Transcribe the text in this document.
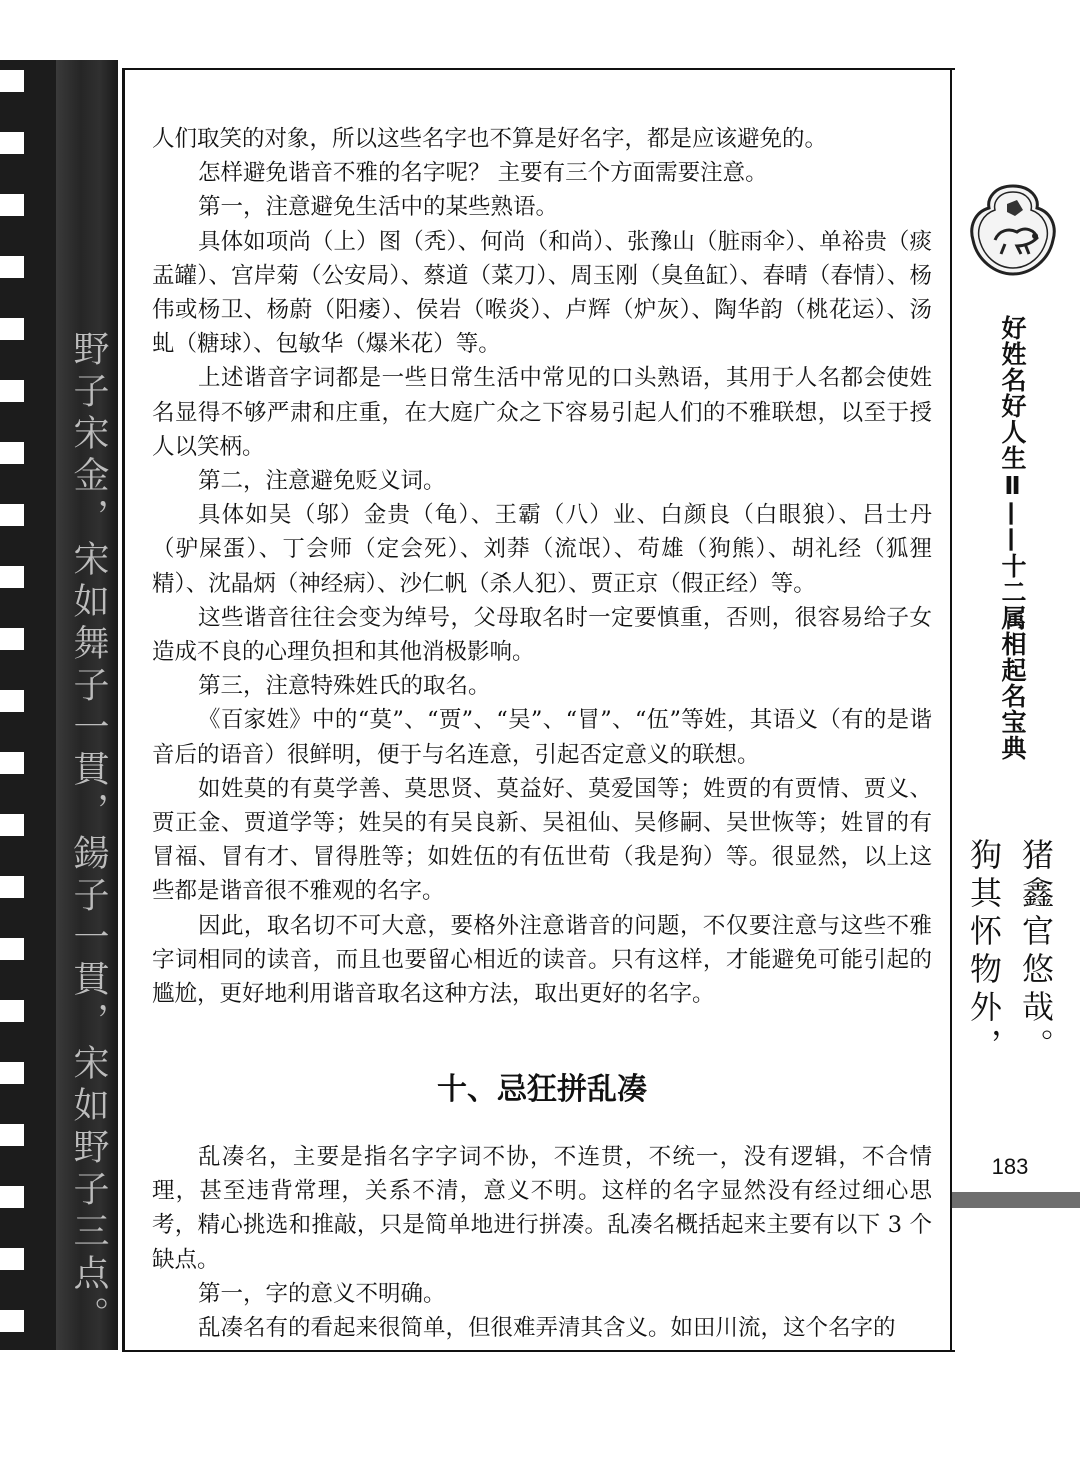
野子宋金，宋如舞子一貫，鍚子一貫，宋如野子三点。

人们取笑的对象，所以这些名字也不算是好名字，都是应该避免的。

怎样避免谐音不雅的名字呢？ 主要有三个方面需要注意。

第一，注意避免生活中的某些熟语。

具体如项尚（上）图（秃）、何尚（和尚）、张豫山（脏雨伞）、单裕贵（痰盂罐）、宫岸菊（公安局）、蔡道（菜刀）、周玉刚（臭鱼缸）、春晴（春情）、杨伟或杨卫、杨蔚（阳痿）、侯岩（喉炎）、卢辉（炉灰）、陶华韵（桃花运）、汤虬（糖球）、包敏华（爆米花）等。

上述谐音字词都是一些日常生活中常见的口头熟语，其用于人名都会使姓名显得不够严肃和庄重，在大庭广众之下容易引起人们的不雅联想，以至于授人以笑柄。

第二，注意避免贬义词。

具体如吴（邬）金贵（龟）、王霸（八）业、白颜良（白眼狼）、吕士丹（驴屎蛋）、丁会师（定会死）、刘莽（流氓）、苟雄（狗熊）、胡礼经（狐狸精）、沈晶炳（神经病）、沙仁帆（杀人犯）、贾正京（假正经）等。

这些谐音往往会变为绰号，父母取名时一定要慎重，否则，很容易给子女造成不良的心理负担和其他消极影响。

第三，注意特殊姓氏的取名。

《百家姓》中的“莫”、“贾”、“吴”、“冒”、“伍”等姓，其语义（有的是谐音后的语音）很鲜明，便于与名连意，引起否定意义的联想。

如姓莫的有莫学善、莫思贤、莫益好、莫爱国等；姓贾的有贾情、贾义、贾正金、贾道学等；姓吴的有吴良新、吴祖仙、吴修嗣、吴世恢等；姓冒的有冒福、冒有才、冒得胜等；如姓伍的有伍世荀（我是狗）等。很显然，以上这些都是谐音很不雅观的名字。

因此，取名切不可大意，要格外注意谐音的问题，不仅要注意与这些不雅字词相同的读音，而且也要留心相近的读音。只有这样，才能避免可能引起的尴尬，更好地利用谐音取名这种方法，取出更好的名字。

十、忌狂拼乱凑

乱凑名，主要是指名字字词不协，不连贯，不统一，没有逻辑，不合情理，甚至违背常理，关系不清，意义不明。这样的名字显然没有经过细心思考，精心挑选和推敲，只是简单地进行拼凑。乱凑名概括起来主要有以下 3 个缺点。

第一，字的意义不明确。

乱凑名有的看起来很简单，但很难弄清其含义。如田川流，这个名字的

好姓名好人生Ⅱ——十二属相起名宝典
猪鑫官悠哉。
狗其怀物外，
183
